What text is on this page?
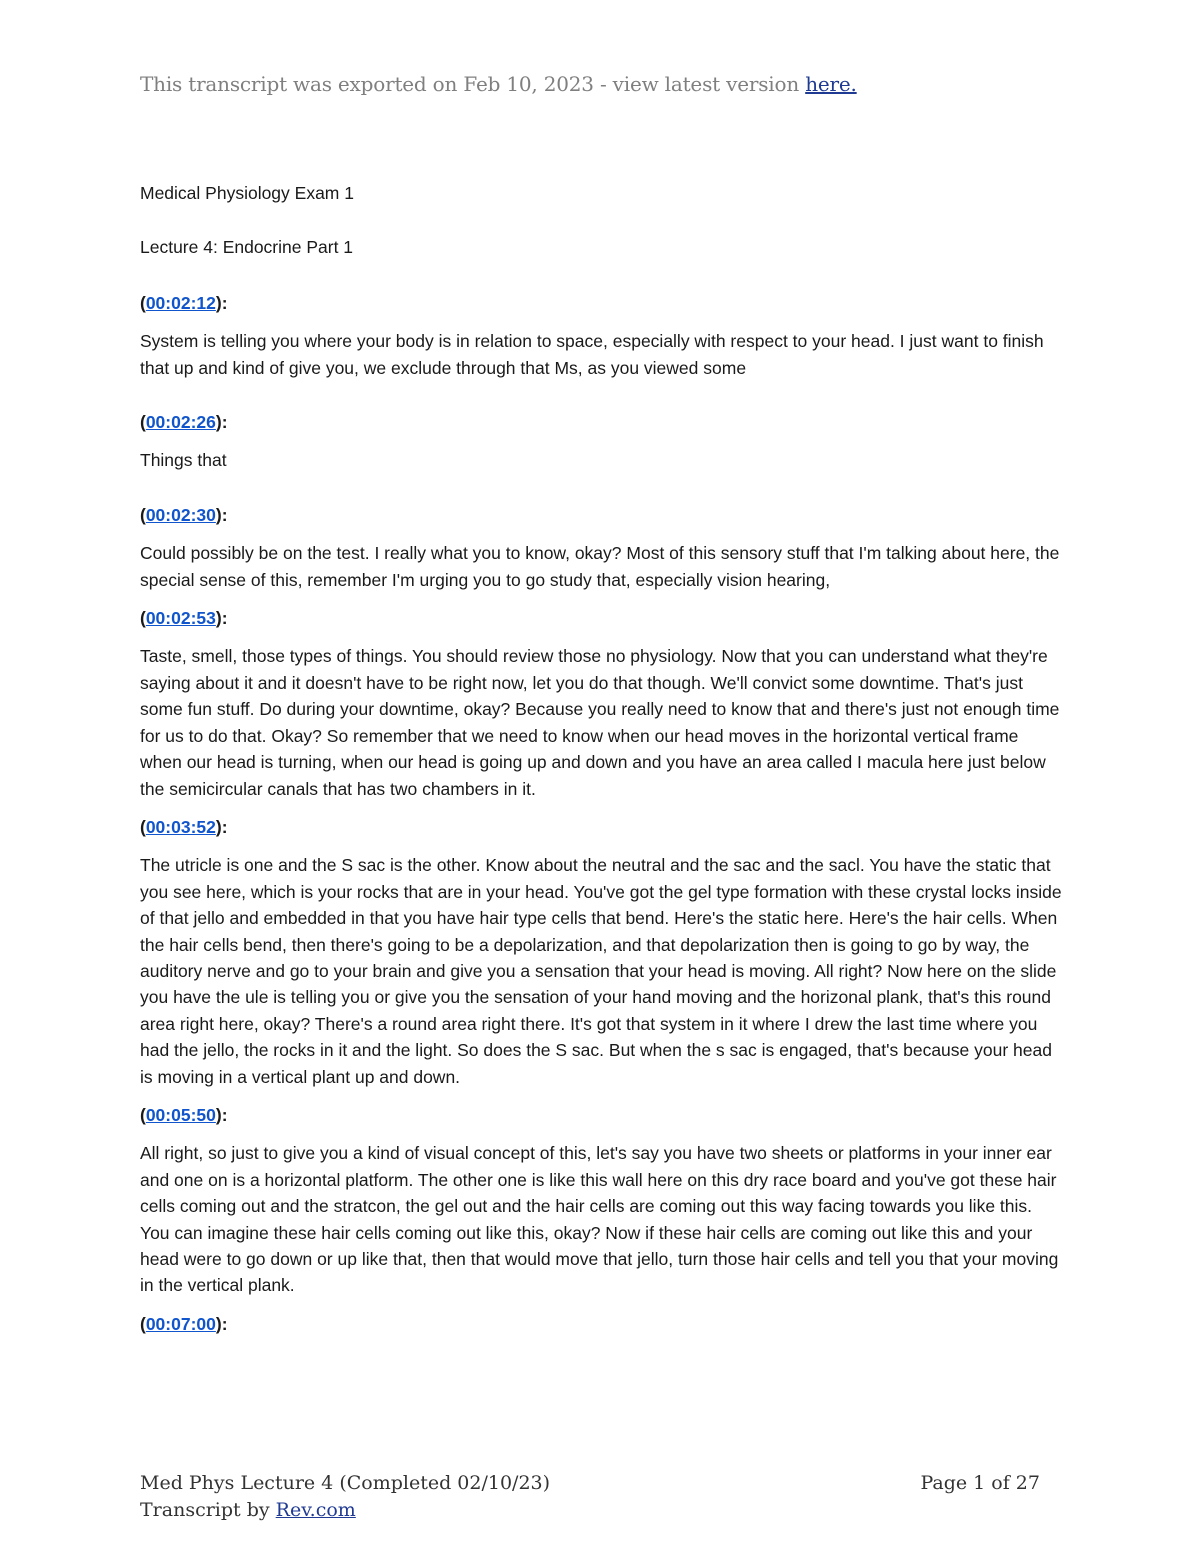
This transcript was exported on Feb 10, 2023 - view latest version here.

Medical Physiology Exam 1

Lecture 4: Endocrine Part 1

(00:02:12):

System is telling you where your body is in relation to space, especially with respect to your head. I just want to finish that up and kind of give you, we exclude through that Ms, as you viewed some

(00:02:26):

Things that

(00:02:30):

Could possibly be on the test. I really what you to know, okay? Most of this sensory stuff that I'm talking about here, the special sense of this, remember I'm urging you to go study that, especially vision hearing,

(00:02:53):

Taste, smell, those types of things. You should review those no physiology. Now that you can understand what they're saying about it and it doesn't have to be right now, let you do that though. We'll convict some downtime. That's just some fun stuff. Do during your downtime, okay? Because you really need to know that and there's just not enough time for us to do that. Okay? So remember that we need to know when our head moves in the horizontal vertical frame when our head is turning, when our head is going up and down and you have an area called I macula here just below the semicircular canals that has two chambers in it.

(00:03:52):

The utricle is one and the S sac is the other. Know about the neutral and the sac and the sacl. You have the static that you see here, which is your rocks that are in your head. You've got the gel type formation with these crystal locks inside of that jello and embedded in that you have hair type cells that bend. Here's the static here. Here's the hair cells. When the hair cells bend, then there's going to be a depolarization, and that depolarization then is going to go by way, the auditory nerve and go to your brain and give you a sensation that your head is moving. All right? Now here on the slide you have the ule is telling you or give you the sensation of your hand moving and the horizonal plank, that's this round area right here, okay? There's a round area right there. It's got that system in it where I drew the last time where you had the jello, the rocks in it and the light. So does the S sac. But when the s sac is engaged, that's because your head is moving in a vertical plant up and down.

(00:05:50):

All right, so just to give you a kind of visual concept of this, let's say you have two sheets or platforms in your inner ear and one on is a horizontal platform. The other one is like this wall here on this dry race board and you've got these hair cells coming out and the stratcon, the gel out and the hair cells are coming out this way facing towards you like this. You can imagine these hair cells coming out like this, okay? Now if these hair cells are coming out like this and your head were to go down or up like that, then that would move that jello, turn those hair cells and tell you that your moving in the vertical plank.

(00:07:00):

Med Phys Lecture 4 (Completed 02/10/23)	Page 1 of 27
Transcript by Rev.com
